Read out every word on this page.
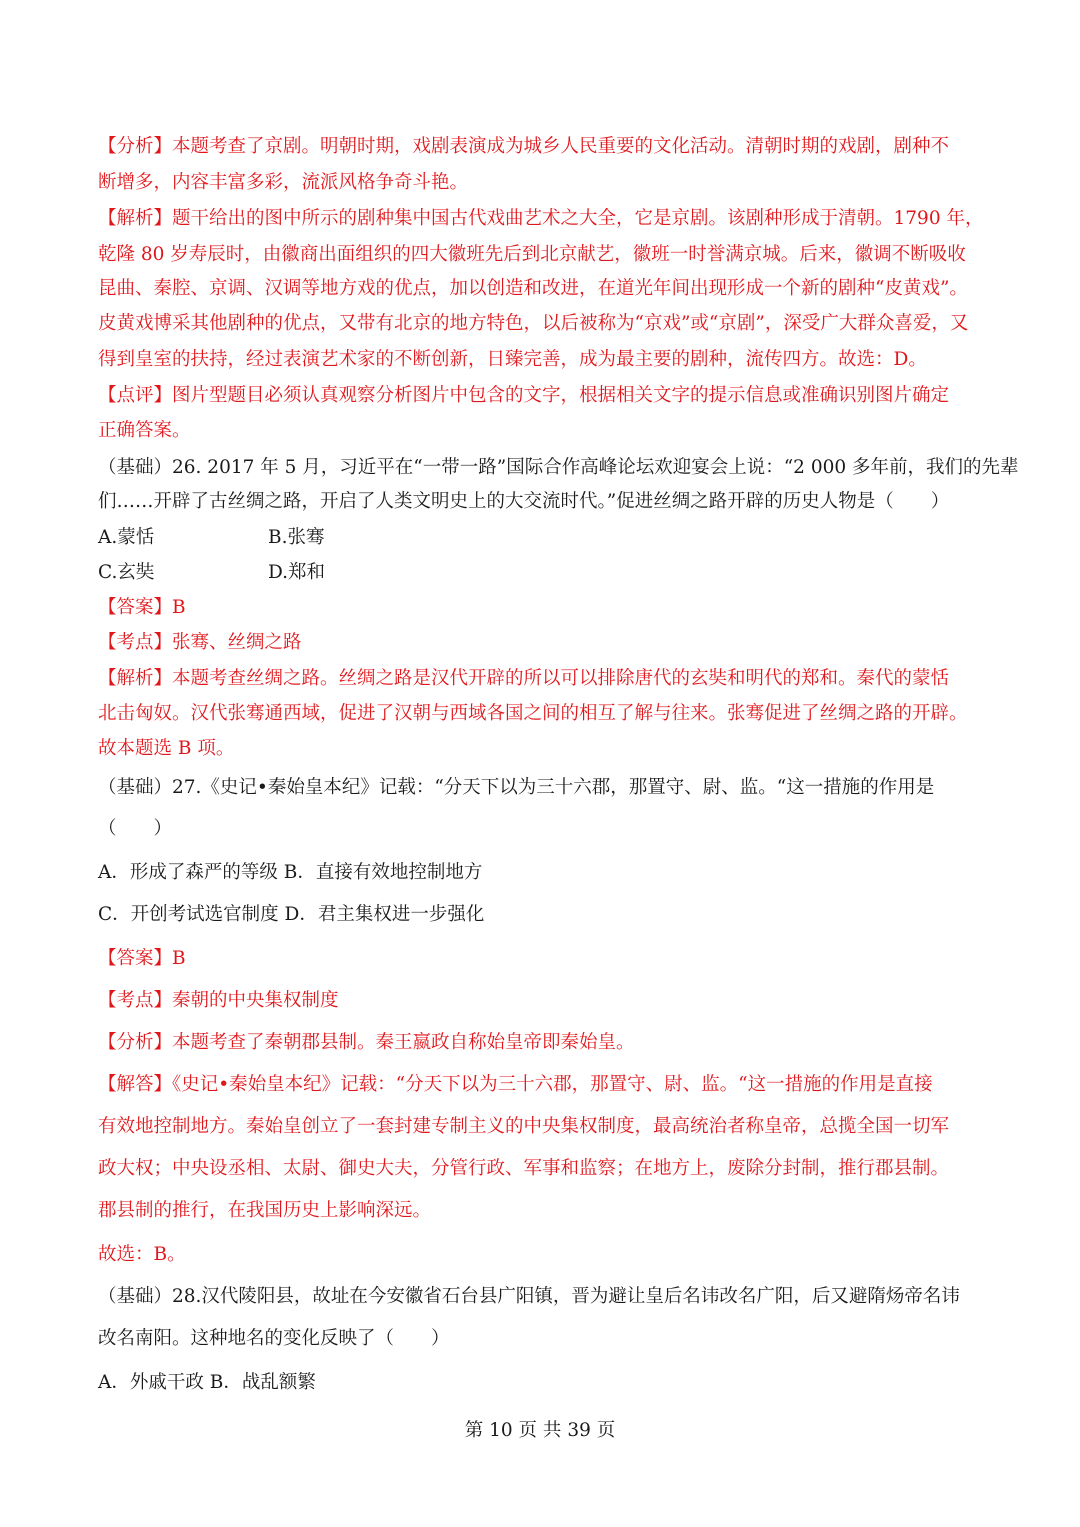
【分析】本题考查了京剧。明朝时期，戏剧表演成为城乡人民重要的文化活动。清朝时期的戏剧，剧种不
断增多，内容丰富多彩，流派风格争奇斗艳。
【解析】题干给出的图中所示的剧种集中国古代戏曲艺术之大全，它是京剧。该剧种形成于清朝。1790 年，
乾隆 80 岁寿辰时，由徽商出面组织的四大徽班先后到北京献艺，徽班一时誉满京城。后来，徽调不断吸收
昆曲、秦腔、京调、汉调等地方戏的优点，加以创造和改进，在道光年间出现形成一个新的剧种“皮黄戏”。
皮黄戏博采其他剧种的优点，又带有北京的地方特色，以后被称为“京戏”或“京剧”，深受广大群众喜爱，又
得到皇室的扶持，经过表演艺术家的不断创新，日臻完善，成为最主要的剧种，流传四方。故选：D。
【点评】图片型题目必须认真观察分析图片中包含的文字，根据相关文字的提示信息或准确识别图片确定
正确答案。
（基础）26. 2017 年 5 月，习近平在“一带一路”国际合作高峰论坛欢迎宴会上说：“2 000 多年前，我们的先辈
们……开辟了古丝绸之路，开启了人类文明史上的大交流时代。”促进丝绸之路开辟的历史人物是（　　）
A.蒙恬	B.张骞
C.玄奘	D.郑和
【答案】B
【考点】张骞、丝绸之路
【解析】本题考查丝绸之路。丝绸之路是汉代开辟的所以可以排除唐代的玄奘和明代的郑和。秦代的蒙恬
北击匈奴。汉代张骞通西域，促进了汉朝与西域各国之间的相互了解与往来。张骞促进了丝绸之路的开辟。
故本题选 B 项。
（基础）27.《史记•秦始皇本纪》记载：“分天下以为三十六郡，那置守、尉、监。“这一措施的作用是
（　　）
A．形成了森严的等级 B．直接有效地控制地方
C．开创考试选官制度 D．君主集权进一步强化
【答案】B
【考点】秦朝的中央集权制度
【分析】本题考查了秦朝郡县制。秦王嬴政自称始皇帝即秦始皇。
【解答】《史记•秦始皇本纪》记载：“分天下以为三十六郡，那置守、尉、监。“这一措施的作用是直接
有效地控制地方。秦始皇创立了一套封建专制主义的中央集权制度，最高统治者称皇帝，总揽全国一切军
政大权；中央设丞相、太尉、御史大夫，分管行政、军事和监察；在地方上，废除分封制，推行郡县制。
郡县制的推行，在我国历史上影响深远。
故选：B。
（基础）28.汉代陵阳县，故址在今安徽省石台县广阳镇，晋为避让皇后名讳改名广阳，后又避隋炀帝名讳
改名南阳。这种地名的变化反映了（　　）
A．外戚干政 B．战乱额繁
第 10 页 共 39 页
